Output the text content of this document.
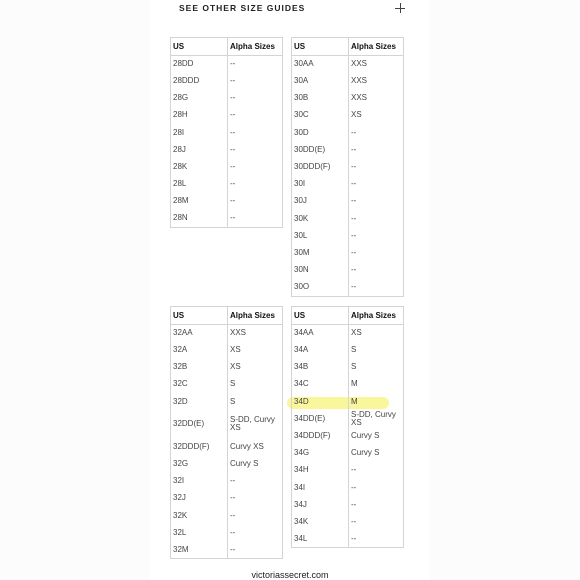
SEE OTHER SIZE GUIDES
US	Alpha Sizes
28DD	--
28DDD	--
28G	--
28H	--
28I	--
28J	--
28K	--
28L	--
28M	--
28N	--
US	Alpha Sizes
30AA	XXS
30A	XXS
30B	XXS
30C	XS
30D	--
30DD(E)	--
30DDD(F)	--
30I	--
30J	--
30K	--
30L	--
30M	--
30N	--
30O	--
US	Alpha Sizes
32AA	XXS
32A	XS
32B	XS
32C	S
32D	S
32DD(E)	S-DD, Curvy XS
32DDD(F)	Curvy XS
32G	Curvy S
32I	--
32J	--
32K	--
32L	--
32M	--
US	Alpha Sizes
34AA	XS
34A	S
34B	S
34C	M
34D	M
34DD(E)	S-DD, Curvy XS
34DDD(F)	Curvy S
34G	Curvy S
34H	--
34I	--
34J	--
34K	--
34L	--
victoriassecret.com
